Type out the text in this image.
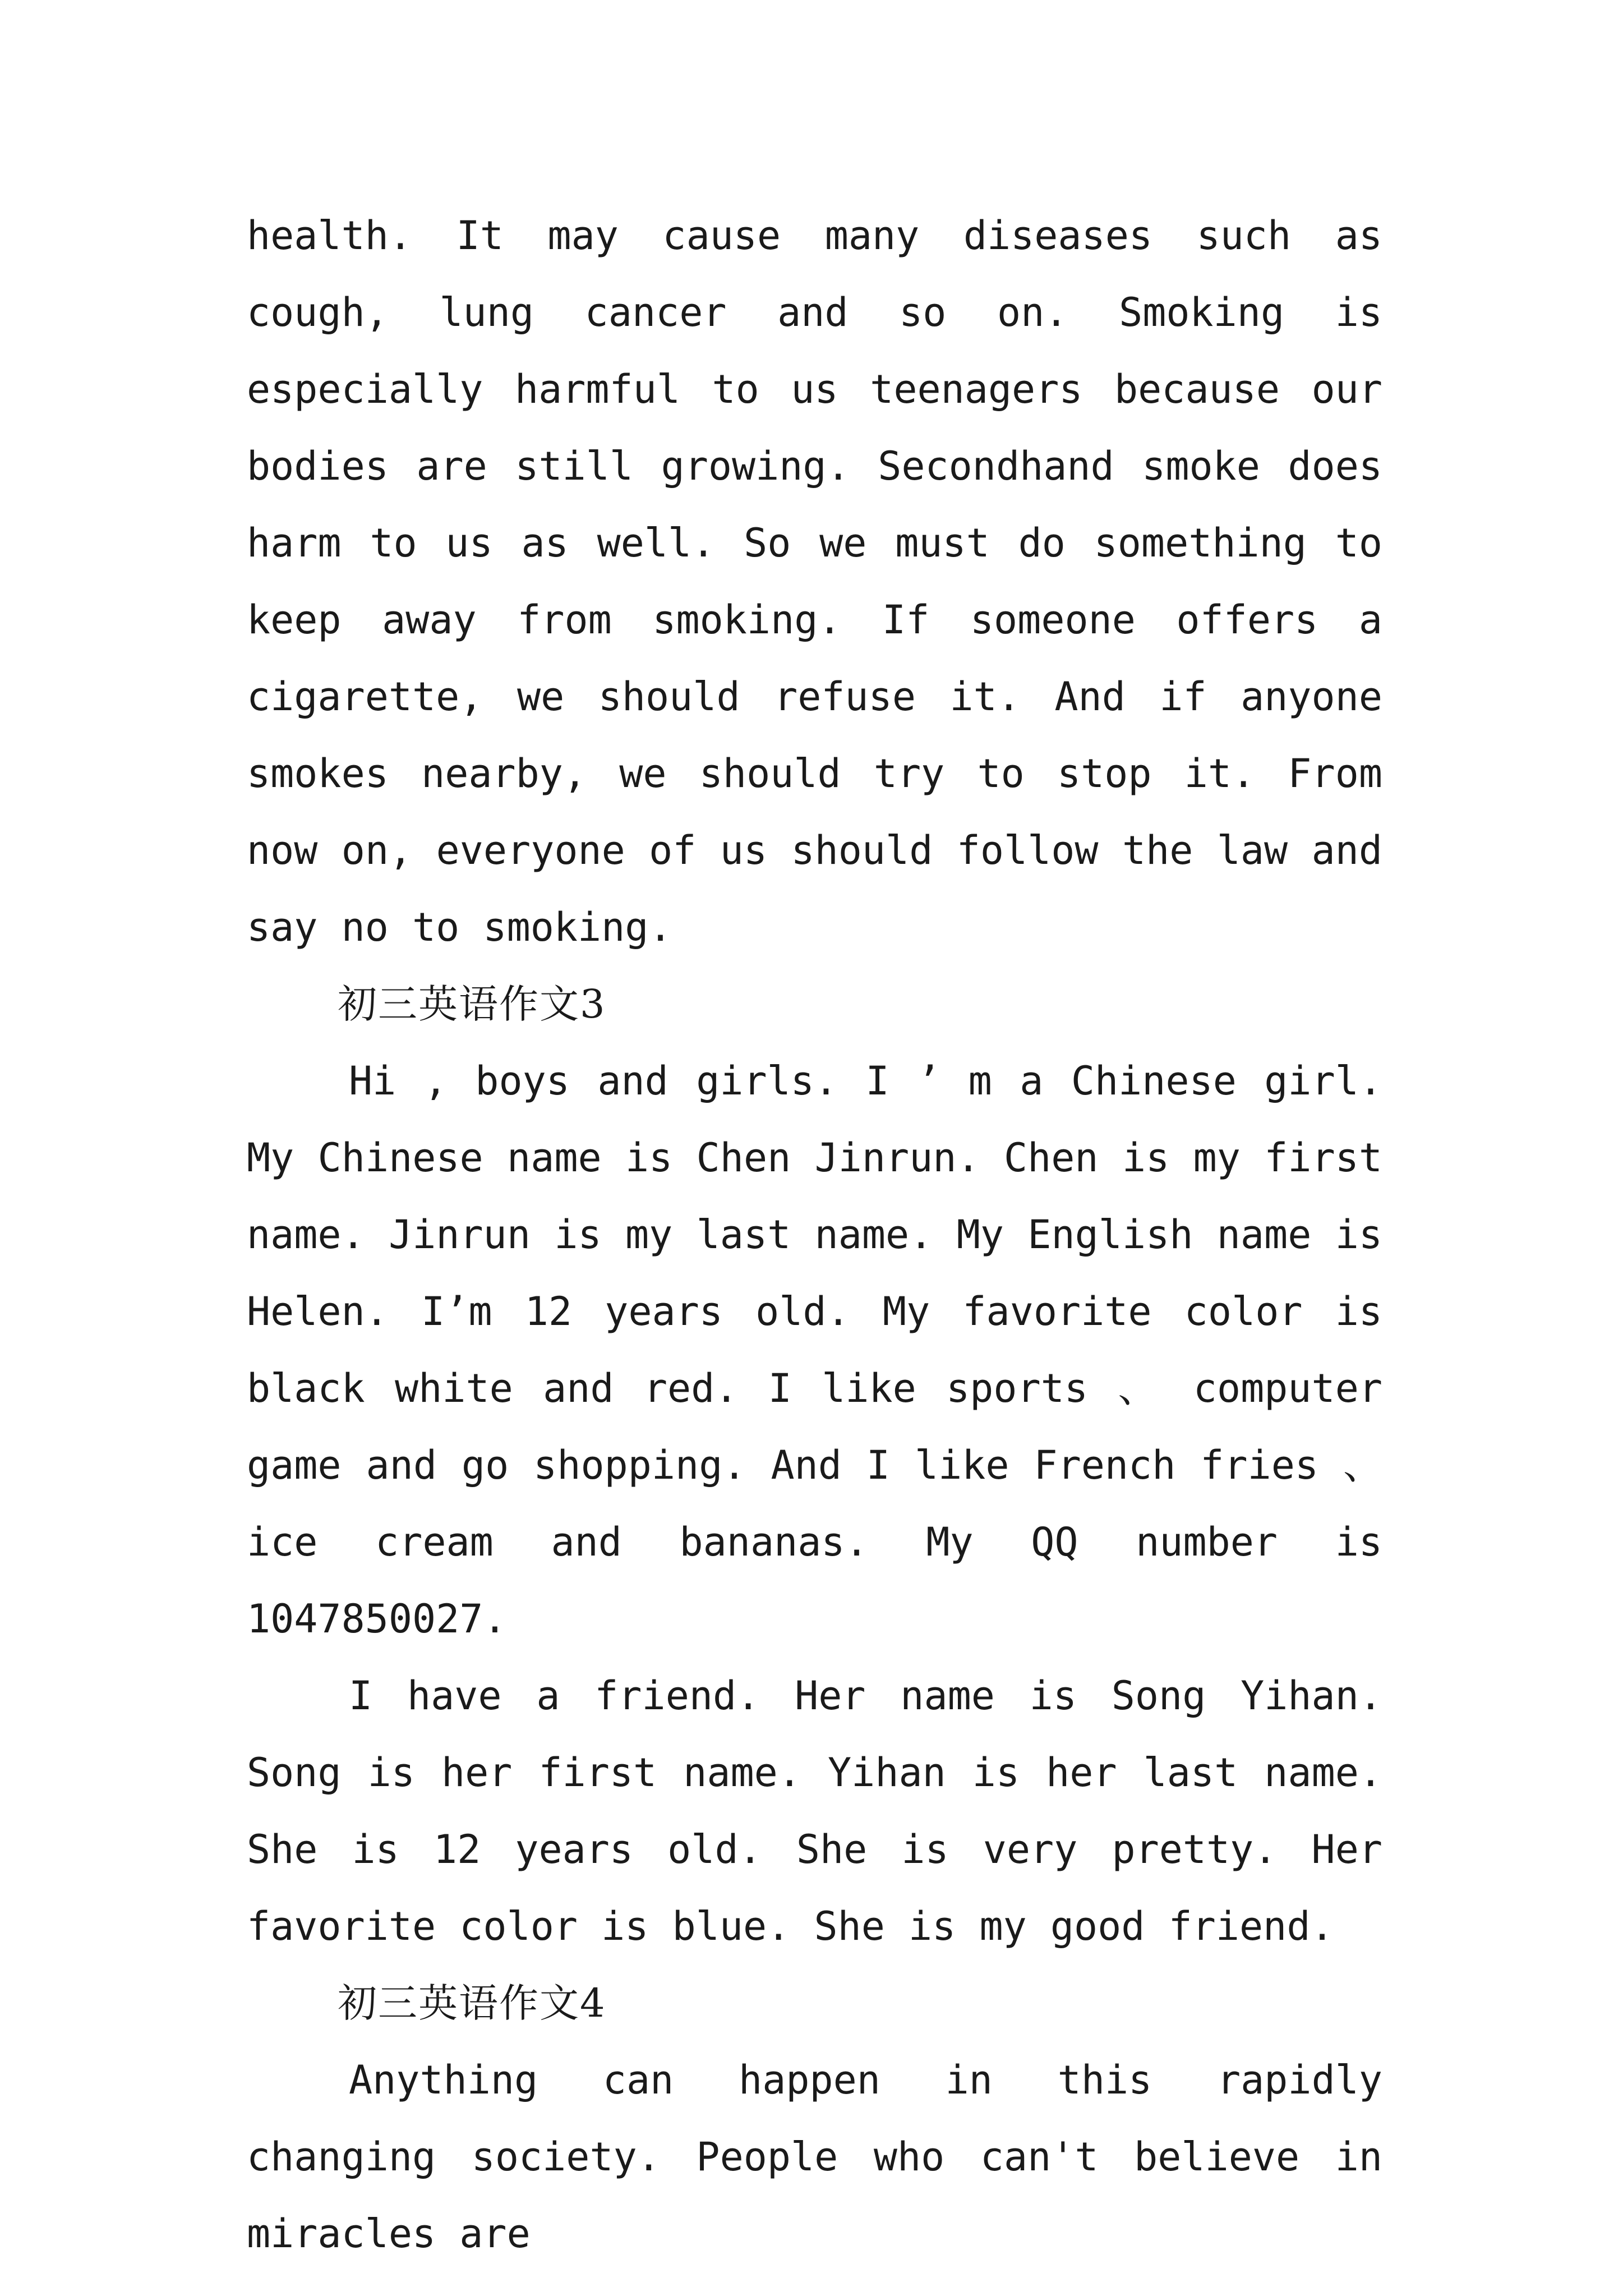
health. It may cause many diseases such as cough, lung cancer and so on. Smoking is especially harmful to us teenagers because our bodies are still growing. Secondhand smoke does harm to us as well. So we must do something to keep away from smoking. If someone offers a cigarette, we should refuse it. And if anyone smokes nearby, we should try to stop it. From now on, everyone of us should follow the law and say no to smoking.

初三英语作文3

Hi , boys and girls. I ’ m a Chinese girl. My Chinese name is Chen Jinrun. Chen is my first name. Jinrun is my last name. My English name is Helen. I’m 12 years old. My favorite color is black white and red. I like sports 、 computer game and go shopping. And I like French fries 、 ice cream and bananas. My QQ number is 1047850027.

I have a friend. Her name is Song Yihan. Song is her first name. Yihan is her last name. She is 12 years old. She is very pretty. Her favorite color is blue. She is my good friend.

初三英语作文4

Anything can happen in this rapidly changing society. People who can't believe in miracles are
